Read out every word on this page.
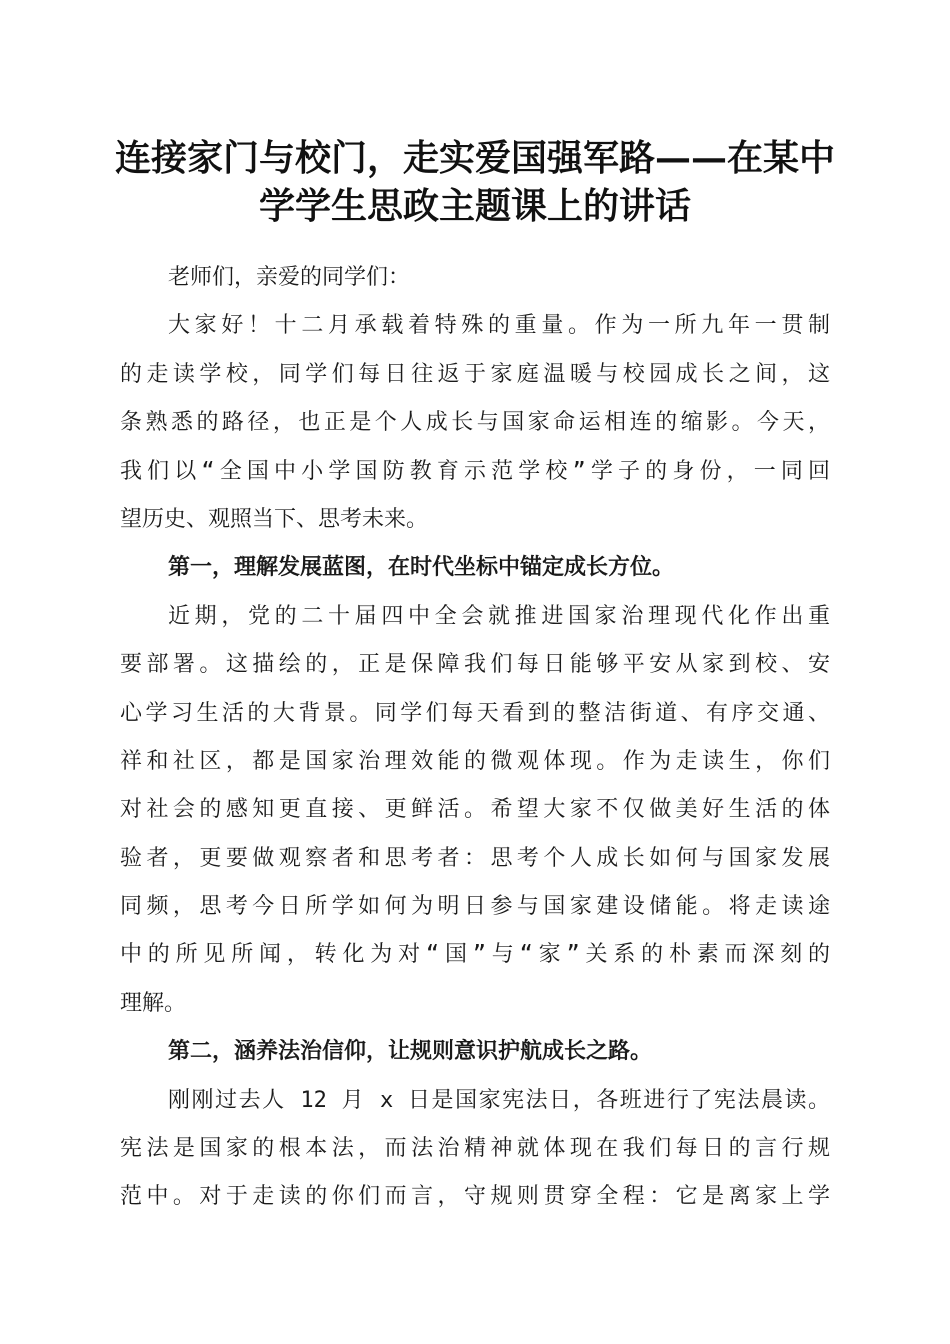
连接家门与校门，走实爱国强军路——在某中
学学生思政主题课上的讲话
老师们，亲爱的同学们：
大家好！十二月承载着特殊的重量。作为一所九年一贯制
的走读学校，同学们每日往返于家庭温暖与校园成长之间，这
条熟悉的路径，也正是个人成长与国家命运相连的缩影。今天，
我们以“全国中小学国防教育示范学校”学子的身份，一同回
望历史、观照当下、思考未来。
第一，理解发展蓝图，在时代坐标中锚定成长方位。
近期，党的二十届四中全会就推进国家治理现代化作出重
要部署。这描绘的，正是保障我们每日能够平安从家到校、安
心学习生活的大背景。同学们每天看到的整洁街道、有序交通、
祥和社区，都是国家治理效能的微观体现。作为走读生，你们
对社会的感知更直接、更鲜活。希望大家不仅做美好生活的体
验者，更要做观察者和思考者：思考个人成长如何与国家发展
同频，思考今日所学如何为明日参与国家建设储能。将走读途
中的所见所闻，转化为对“国”与“家”关系的朴素而深刻的
理解。
第二，涵养法治信仰，让规则意识护航成长之路。
刚刚过去人 12 月 x 日是国家宪法日，各班进行了宪法晨读。
宪法是国家的根本法，而法治精神就体现在我们每日的言行规
范中。对于走读的你们而言，守规则贯穿全程：它是离家上学
